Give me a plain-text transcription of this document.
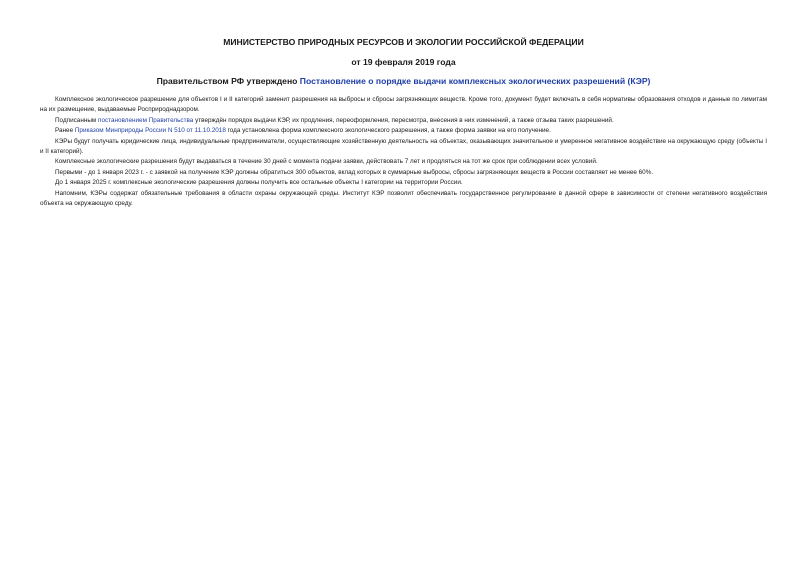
МИНИСТЕРСТВО ПРИРОДНЫХ РЕСУРСОВ И ЭКОЛОГИИ РОССИЙСКОЙ ФЕДЕРАЦИИ

от 19 февраля 2019 года

Правительством РФ утверждено Постановление о порядке выдачи комплексных экологических разрешений (КЭР)

Комплексное экологическое разрешение для объектов I и II категорий заменит разрешения на выбросы и сбросы загрязняющих веществ. Кроме того, документ будет включать в себя нормативы образования отходов и данные по лимитам на их размещение, выдаваемые Росприроднадзором.

Подписанным постановлением Правительства утверждён порядок выдачи КЭР, их продления, переоформления, пересмотра, внесения в них изменений, а также отзыва таких разрешений.

Ранее Приказом Минприроды России N 510 от 11.10.2018 года установлена форма комплексного экологического разрешения, а также форма заявки на его получение.

КЭРы будут получать юридические лица, индивидуальные предприниматели, осуществляющие хозяйственную деятельность на объектах, оказывающих значительное и умеренное негативное воздействие на окружающую среду (объекты I и II категорий).

Комплексные экологические разрешения будут выдаваться в течение 30 дней с момента подачи заявки, действовать 7 лет и продляться на тот же срок при соблюдении всех условий.

Первыми - до 1 января 2023 г. - с заявкой на получение КЭР должны обратиться 300 объектов, вклад которых в суммарные выбросы, сбросы загрязняющих веществ в России составляет не менее 60%.

До 1 января 2025 г. комплексные экологические разрешения должны получить все остальные объекты I категории на территории России.

Напомним, КЭРы содержат обязательные требования в области охраны окружающей среды. Институт КЭР позволит обеспечивать государственное регулирование в данной сфере в зависимости от степени негативного воздействия объекта на окружающую среду.
